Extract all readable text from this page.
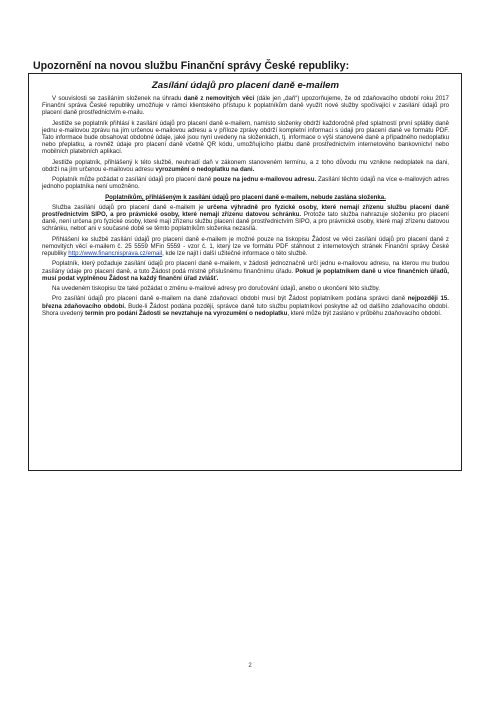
Upozornění na novou službu Finanční správy České republiky:
Zasílání údajů pro placení daně e-mailem

V souvislosti se zasíláním složenek na úhradu daně z nemovitých věcí (dále jen „daň“) upozorňujeme, že od zdaňovacího období roku 2017 Finanční správa České republiky umožňuje v rámci klientského přístupu k poplatníkům daně využít nové služby spočívající v zasílání údajů pro placení daně prostřednictvím e-mailu.

Jestliže se poplatník přihlásí k zasílání údajů pro placení daně e-mailem, namísto složenky obdrží každoročně před splatností první splátky daně jednu e-mailovou zprávu na jím určenou e-mailovou adresu a v příloze zprávy obdrží kompletní informaci s údaji pro placení daně ve formátu PDF. Tato informace bude obsahovat obdobné údaje, jaké jsou nyní uvedeny na složenkách, tj. informace o výši stanovené daně a případného nedoplatku nebo přeplatku, a rovněž údaje pro placení daně včetně QR kódu, umožňujícího platbu daně prostřednictvím internetového bankovnictví nebo mobilních platebních aplikací.

Jestliže poplatník, přihlášený k této službě, neuhradí daň v zákonem stanoveném termínu, a z toho důvodu mu vznikne nedoplatek na dani, obdrží na jím určenou e-mailovou adresu vyrozumění o nedoplatku na dani.

Poplatník může požádat o zasílání údajů pro placení daně pouze na jednu e-mailovou adresu. Zasílání těchto údajů na více e-mailových adres jednoho poplatníka není umožněno.

Poplatníkům, přihlášeným k zasílání údajů pro placení daně e-mailem, nebude zaslána složenka.

Služba zasílání údajů pro placení daně e-mailem je určena výhradně pro fyzické osoby, které nemají zřízenu službu placení daně prostřednictvím SIPO, a pro právnické osoby, které nemají zřízenu datovou schránku. Protože tato služba nahrazuje složenku pro placení daně, není určena pro fyzické osoby, které mají zřízenu službu placení daně prostřednictvím SIPO, a pro právnické osoby, které mají zřízenu datovou schránku, neboť ani v současné době se těmto poplatníkům složenka nezasílá.

Přihlášení ke službě zasílání údajů pro placení daně e-mailem je možné pouze na tiskopisu Žádost ve věci zasílání údajů pro placení daně z nemovitých věcí e-mailem č. 25 5559 MFin 5559 - vzor č. 1, který lze ve formátu PDF stáhnout z internetových stránek Finanční správy České republiky http://www.financnisprava.cz/email, kde lze najít i další užitečné informace o této službě.

Poplatník, který požaduje zasílání údajů pro placení daně e-mailem, v žádosti jednoznačně určí jednu e-mailovou adresu, na kterou mu budou zasílány údaje pro placení daně, a tuto Žádost podá místně příslušnému finančnímu úřadu. Pokud je poplatníkem daně u více finančních úřadů, musí podat vyplněnou Žádost na každý finanční úřad zvlášť.

Na uvedeném tiskopisu lze také požádat o změnu e-mailové adresy pro doručování údajů, anebo o ukončení této služby.

Pro zasílání údajů pro placení daně e-mailem na dané zdaňovací období musí být Žádost poplatníkem podána správci daně nejpozději 15. března zdaňovacího období. Bude-li Žádost podána později, správce daně tuto službu poplatníkovi poskytne až od dalšího zdaňovacího období. Shora uvedený termín pro podání Žádosti se nevztahuje na vyrozumění o nedoplatku, které může být zasláno v průběhu zdaňovacího období.

2
